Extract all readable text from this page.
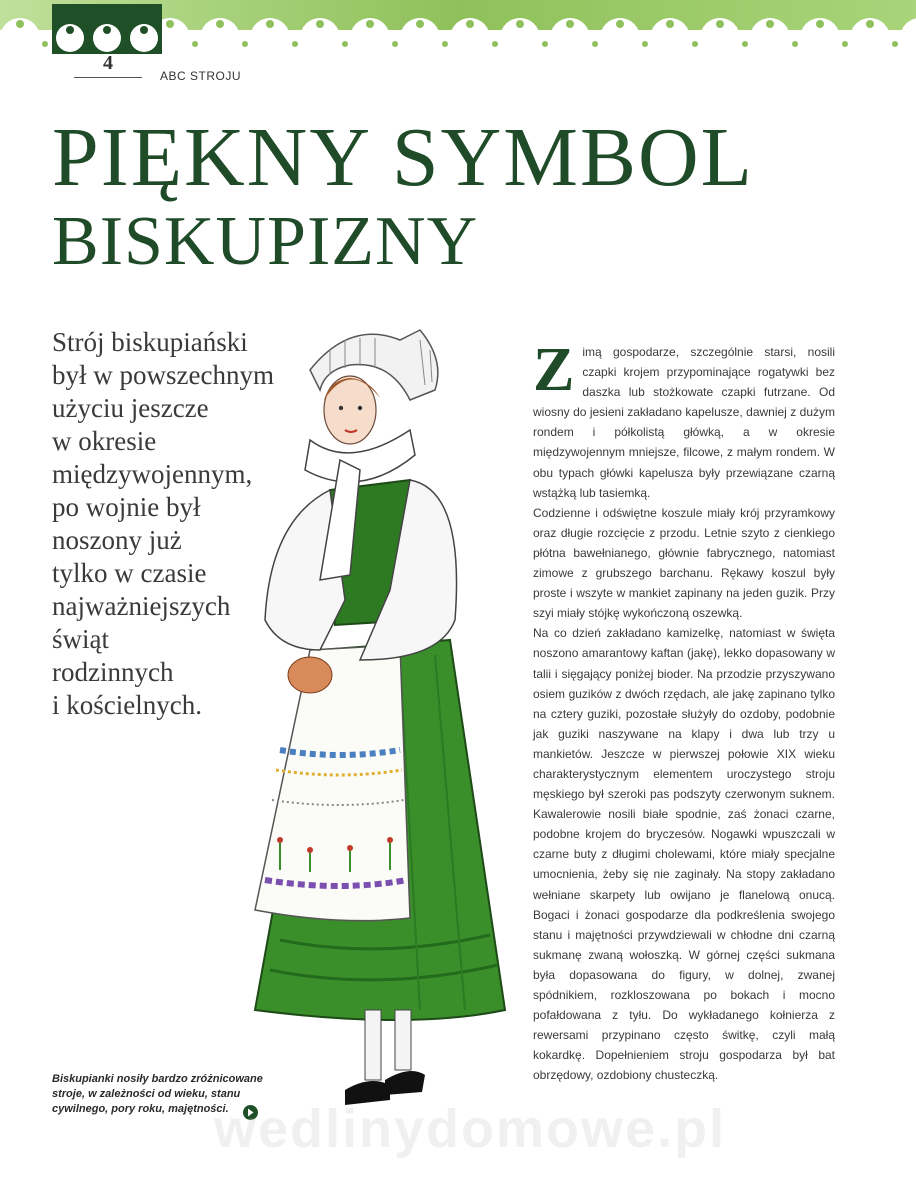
4
ABC STROJU
PIĘKNY SYMBOL
BISKUPIZNY
Strój biskupiański
był w powszechnym
użyciu jeszcze
w okresie
międzywojennym,
po wojnie był
noszony już
tylko w czasie
najważniejszych
świąt
rodzinnych
i kościelnych.
Biskupianki nosiły bardzo zróżnicowane
stroje, w zależności od wieku, stanu
cywilnego, pory roku, majętności.
Z imą gospodarze, szczególnie starsi, nosili czapki krojem przypominające rogatywki bez daszka lub stożkowate czapki futrzane. Od wiosny do jesieni zakładano kapelusze, dawniej z dużym rondem i półkolistą główką, a w okresie międzywojennym mniejsze, filcowe, z małym rondem. W obu typach główki kapelusza były przewiązane czarną wstążką lub tasiemką.

Codzienne i odświętne koszule miały krój przyramkowy oraz długie rozcięcie z przodu. Letnie szyto z cienkiego płótna bawełnianego, głównie fabrycznego, natomiast zimowe z grubszego barchanu. Rękawy koszul były proste i wszyte w mankiet zapinany na jeden guzik. Przy szyi miały stójkę wykończoną oszewką.

Na co dzień zakładano kamizelkę, natomiast w święta noszono amarantowy kaftan (jakę), lekko dopasowany w talii i sięgający poniżej bioder. Na przodzie przyszywano osiem guzików z dwóch rzędach, ale jakę zapinano tylko na cztery guziki, pozostałe służyły do ozdoby, podobnie jak guziki naszywane na klapy i dwa lub trzy u mankietów. Jeszcze w pierwszej połowie XIX wieku charakterystycznym elementem uroczystego stroju męskiego był szeroki pas podszyty czerwonym suknem. Kawalerowie nosili białe spodnie, zaś żonaci czarne, podobne krojem do bryczesów. Nogawki wpuszczali w czarne buty z długimi cholewami, które miały specjalne umocnienia, żeby się nie zaginały. Na stopy zakładano wełniane skarpety lub owijano je flanelową onucą. Bogaci i żonaci gospodarze dla podkreślenia swojego stanu i majętności przywdziewali w chłodne dni czarną sukmanę zwaną wołoszką. W górnej części sukmana była dopasowana do figury, w dolnej, zwanej spódnikiem, rozkloszowana po bokach i mocno pofałdowana z tyłu. Do wykładanego kołnierza z rewersami przypinano często świtkę, czyli małą kokardkę. Dopełnieniem stroju gospodarza był bat obrzędowy, ozdobiony chusteczką.

wedlinydomowe.pl
